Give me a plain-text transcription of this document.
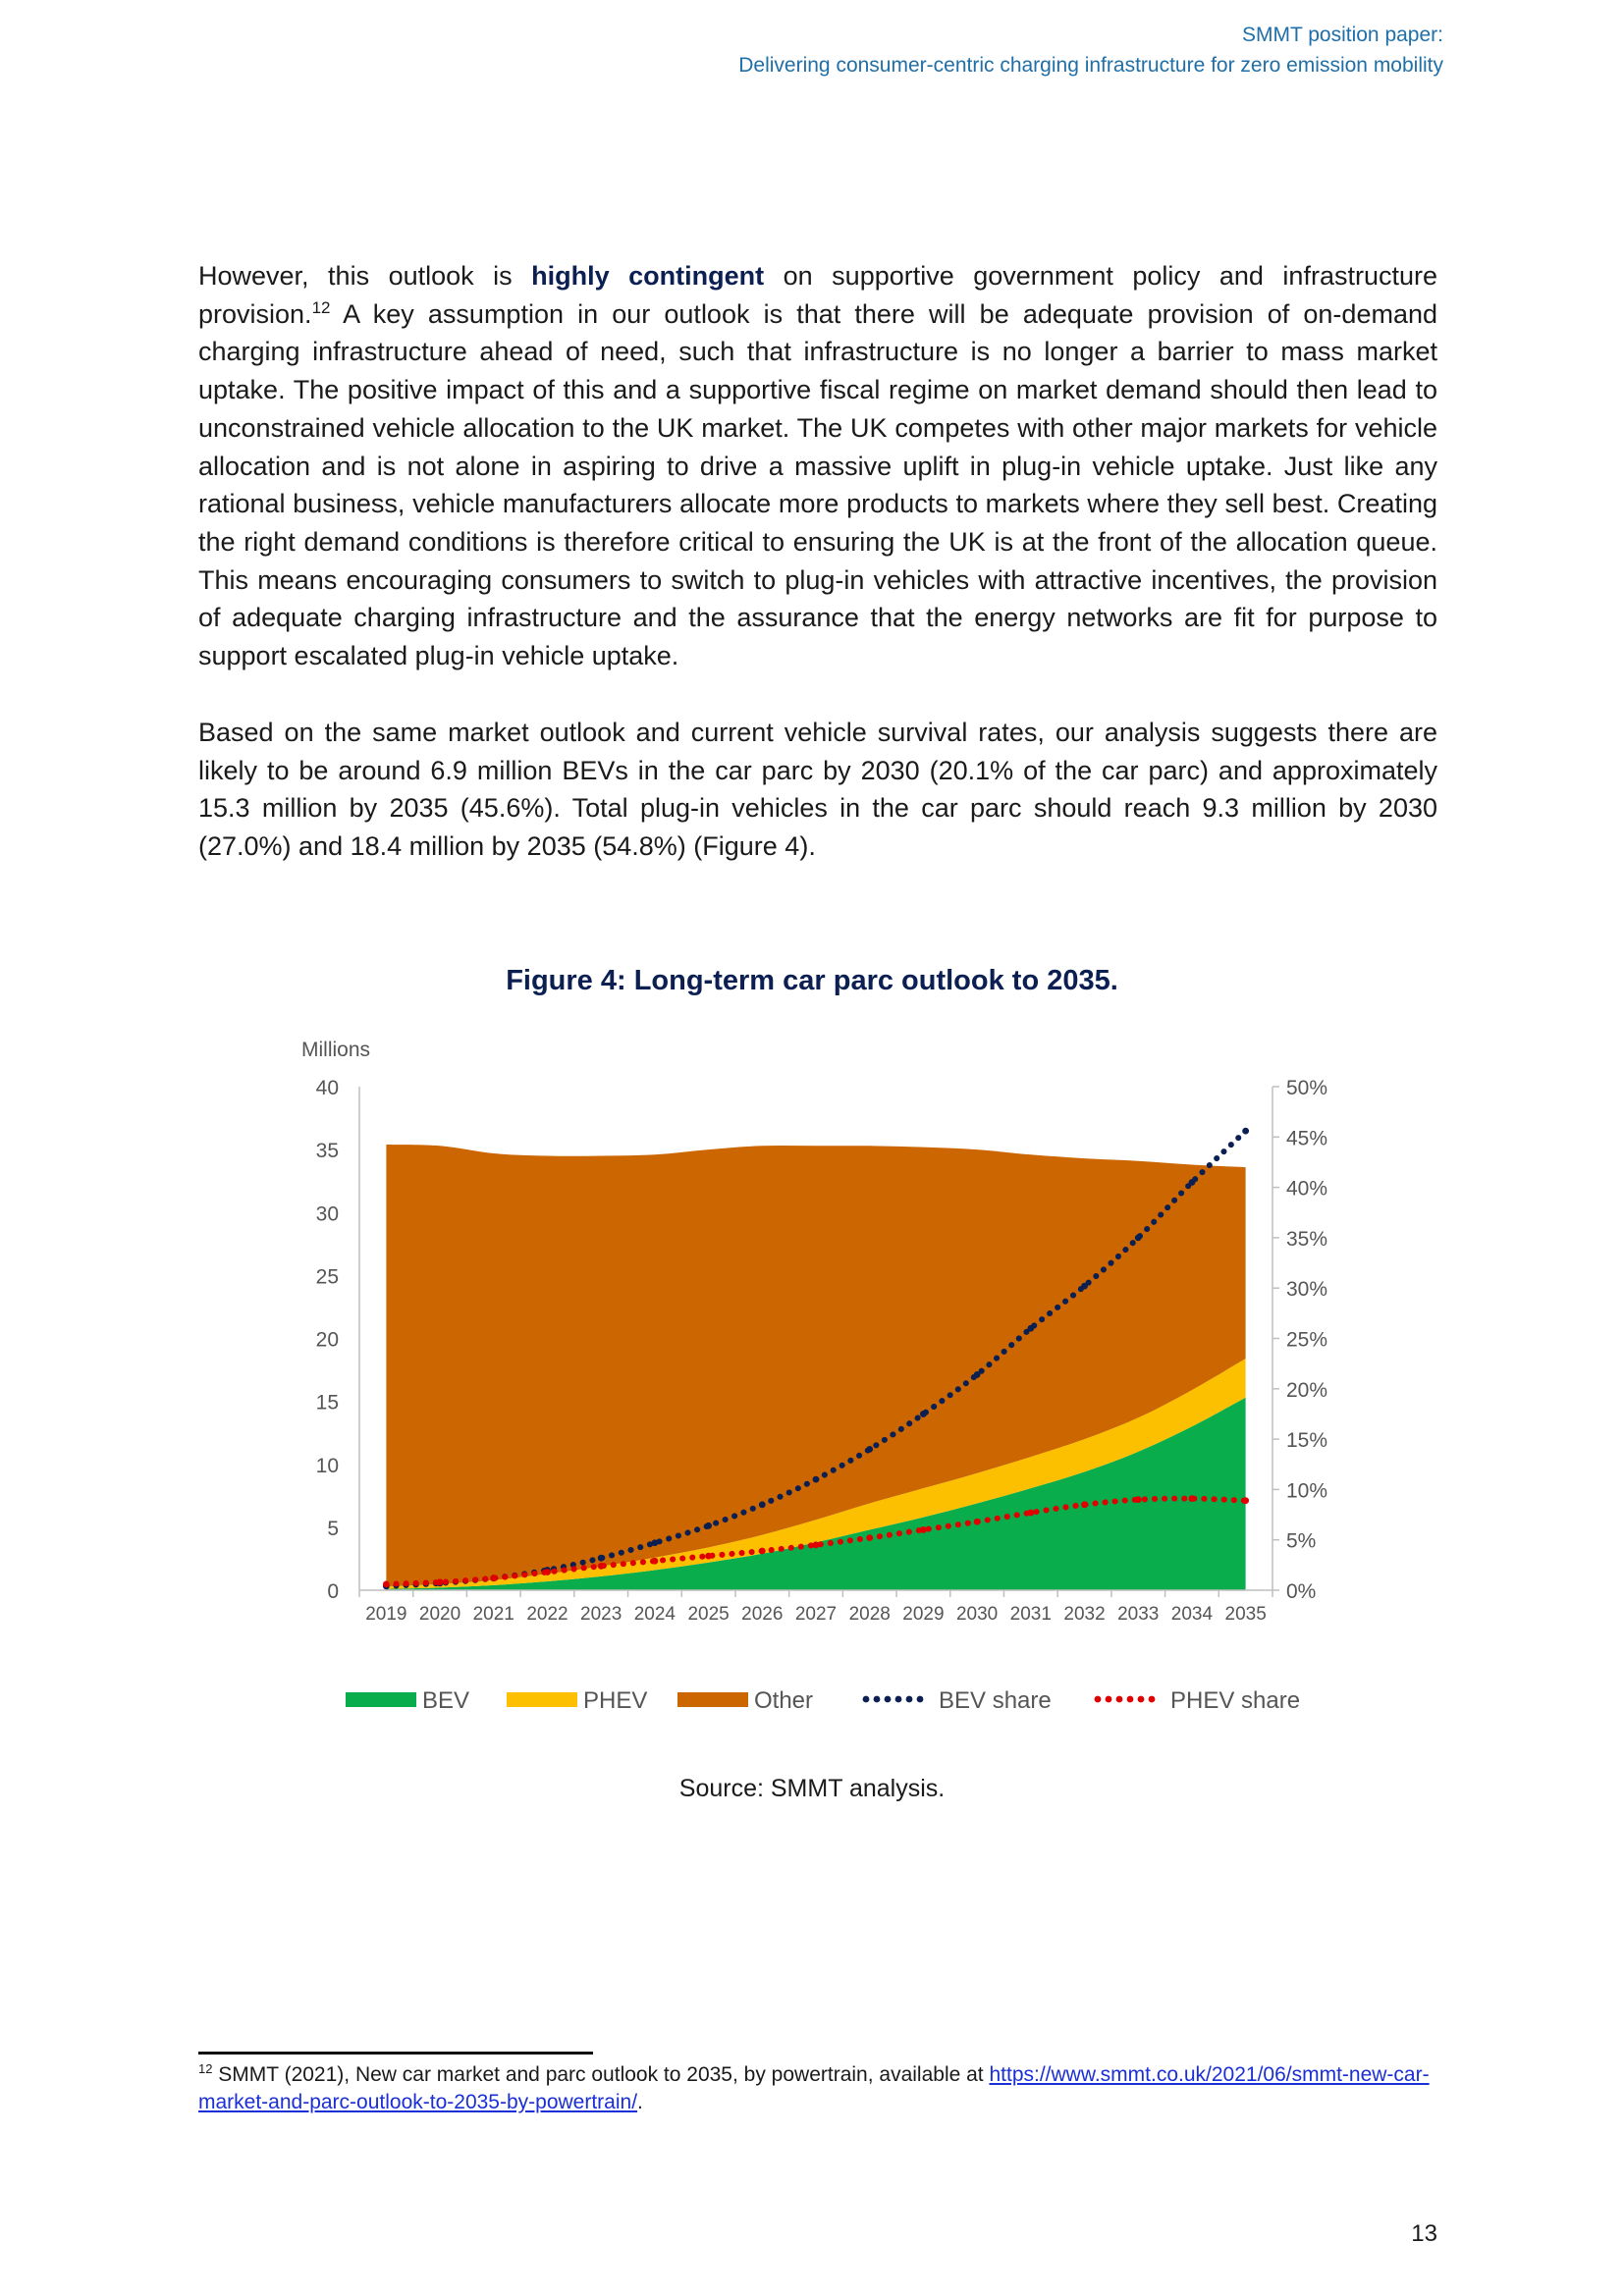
SMMT position paper:
Delivering consumer-centric charging infrastructure for zero emission mobility
However, this outlook is highly contingent on supportive government policy and infrastructure provision.$^{12}$ A key assumption in our outlook is that there will be adequate provision of on-demand charging infrastructure ahead of need, such that infrastructure is no longer a barrier to mass market uptake. The positive impact of this and a supportive fiscal regime on market demand should then lead to unconstrained vehicle allocation to the UK market. The UK competes with other major markets for vehicle allocation and is not alone in aspiring to drive a massive uplift in plug-in vehicle uptake. Just like any rational business, vehicle manufacturers allocate more products to markets where they sell best. Creating the right demand conditions is therefore critical to ensuring the UK is at the front of the allocation queue. This means encouraging consumers to switch to plug-in vehicles with attractive incentives, the provision of adequate charging infrastructure and the assurance that the energy networks are fit for purpose to support escalated plug-in vehicle uptake.
Based on the same market outlook and current vehicle survival rates, our analysis suggests there are likely to be around 6.9 million BEVs in the car parc by 2030 (20.1% of the car parc) and approximately 15.3 million by 2035 (45.6%). Total plug-in vehicles in the car parc should reach 9.3 million by 2030 (27.0%) and 18.4 million by 2035 (54.8%) (Figure 4).
Figure 4: Long-term car parc outlook to 2035.
Millions
0
5
10
15
20
25
30
35
40
0%
5%
10%
15%
20%
25%
30%
35%
40%
45%
50%
2019 2020 2021 2022 2023 2024 2025 2026 2027 2028 2029 2030 2031 2032 2033 2034 2035
BEV	PHEV	Other	BEV share	PHEV share
Source: SMMT analysis.
$^{12}$ SMMT (2021), New car market and parc outlook to 2035, by powertrain, available at https://www.smmt.co.uk/2021/06/smmt-new-car-market-and-parc-outlook-to-2035-by-powertrain/.
13
